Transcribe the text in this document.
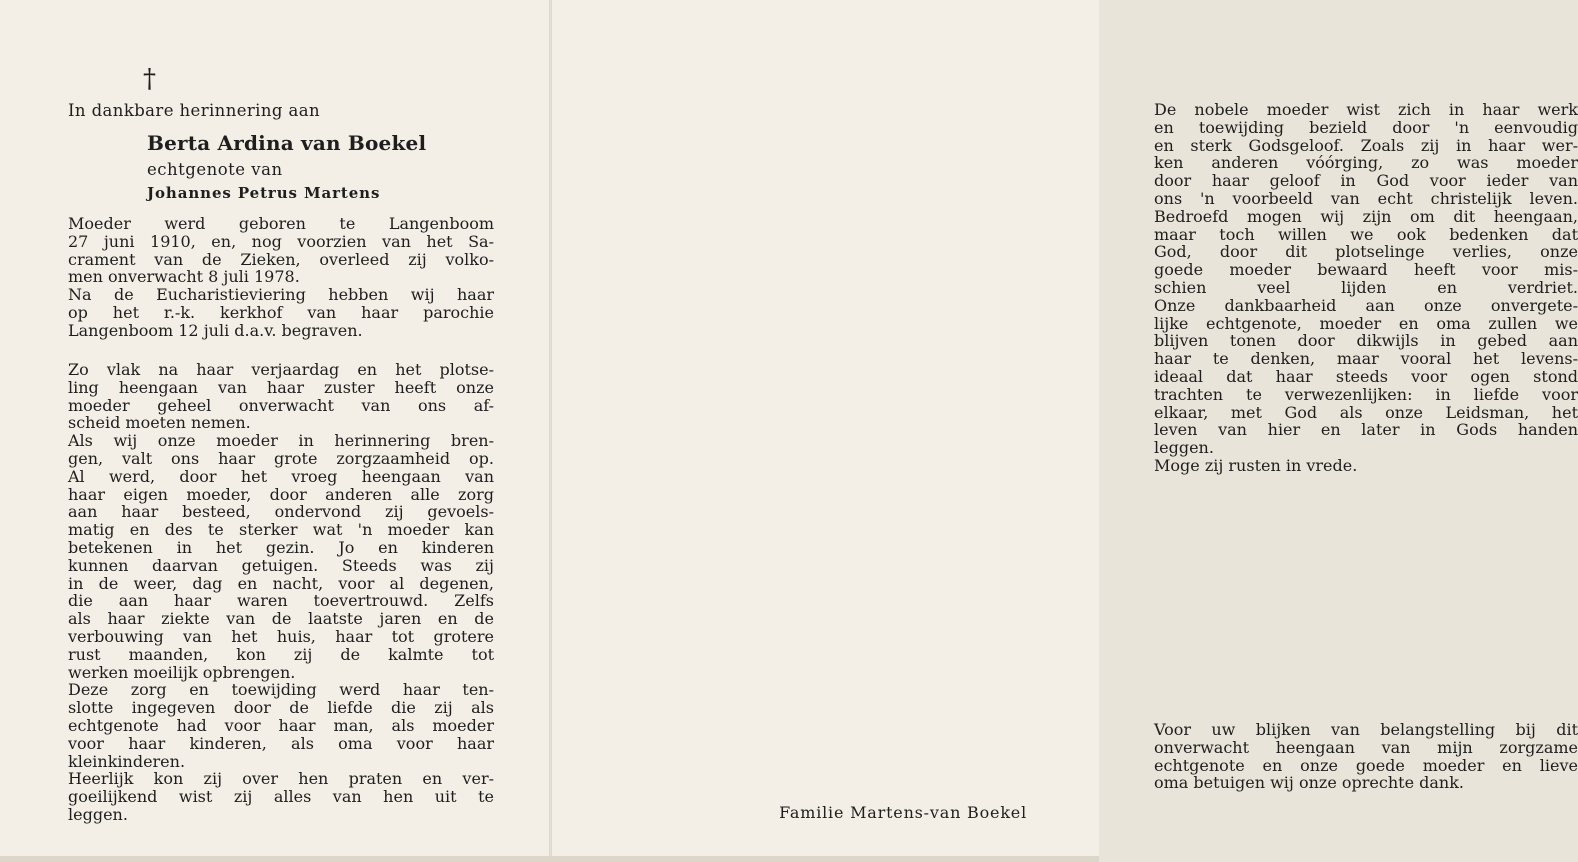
†
In dankbare herinnering aan
Berta Ardina van Boekel
echtgenote van
Johannes Petrus Martens
Moeder werd geboren te Langenboom
27 juni 1910, en, nog voorzien van het Sa-
crament van de Zieken, overleed zij volko-
men onverwacht 8 juli 1978.
Na de Eucharistieviering hebben wij haar
op het r.-k. kerkhof van haar parochie
Langenboom 12 juli d.a.v. begraven.
Zo vlak na haar verjaardag en het plotse-
ling heengaan van haar zuster heeft onze
moeder geheel onverwacht van ons af-
scheid moeten nemen.
Als wij onze moeder in herinnering bren-
gen, valt ons haar grote zorgzaamheid op.
Al werd, door het vroeg heengaan van
haar eigen moeder, door anderen alle zorg
aan haar besteed, ondervond zij gevoels-
matig en des te sterker wat 'n moeder kan
betekenen in het gezin. Jo en kinderen
kunnen daarvan getuigen. Steeds was zij
in de weer, dag en nacht, voor al degenen,
die aan haar waren toevertrouwd. Zelfs
als haar ziekte van de laatste jaren en de
verbouwing van het huis, haar tot grotere
rust maanden, kon zij de kalmte tot
werken moeilijk opbrengen.
Deze zorg en toewijding werd haar ten-
slotte ingegeven door de liefde die zij als
echtgenote had voor haar man, als moeder
voor haar kinderen, als oma voor haar
kleinkinderen.
Heerlijk kon zij over hen praten en ver-
goeilijkend wist zij alles van hen uit te
leggen.
De nobele moeder wist zich in haar werk
en toewijding bezield door 'n eenvoudig
en sterk Godsgeloof. Zoals zij in haar wer-
ken anderen vóórging, zo was moeder
door haar geloof in God voor ieder van
ons 'n voorbeeld van echt christelijk leven.
Bedroefd mogen wij zijn om dit heengaan,
maar toch willen we ook bedenken dat
God, door dit plotselinge verlies, onze
goede moeder bewaard heeft voor mis-
schien veel lijden en verdriet.
Onze dankbaarheid aan onze onvergete-
lijke echtgenote, moeder en oma zullen we
blijven tonen door dikwijls in gebed aan
haar te denken, maar vooral het levens-
ideaal dat haar steeds voor ogen stond
trachten te verwezenlijken: in liefde voor
elkaar, met God als onze Leidsman, het
leven van hier en later in Gods handen
leggen.
Moge zij rusten in vrede.
Voor uw blijken van belangstelling bij dit
onverwacht heengaan van mijn zorgzame
echtgenote en onze goede moeder en lieve
oma betuigen wij onze oprechte dank.
Familie Martens-van Boekel
